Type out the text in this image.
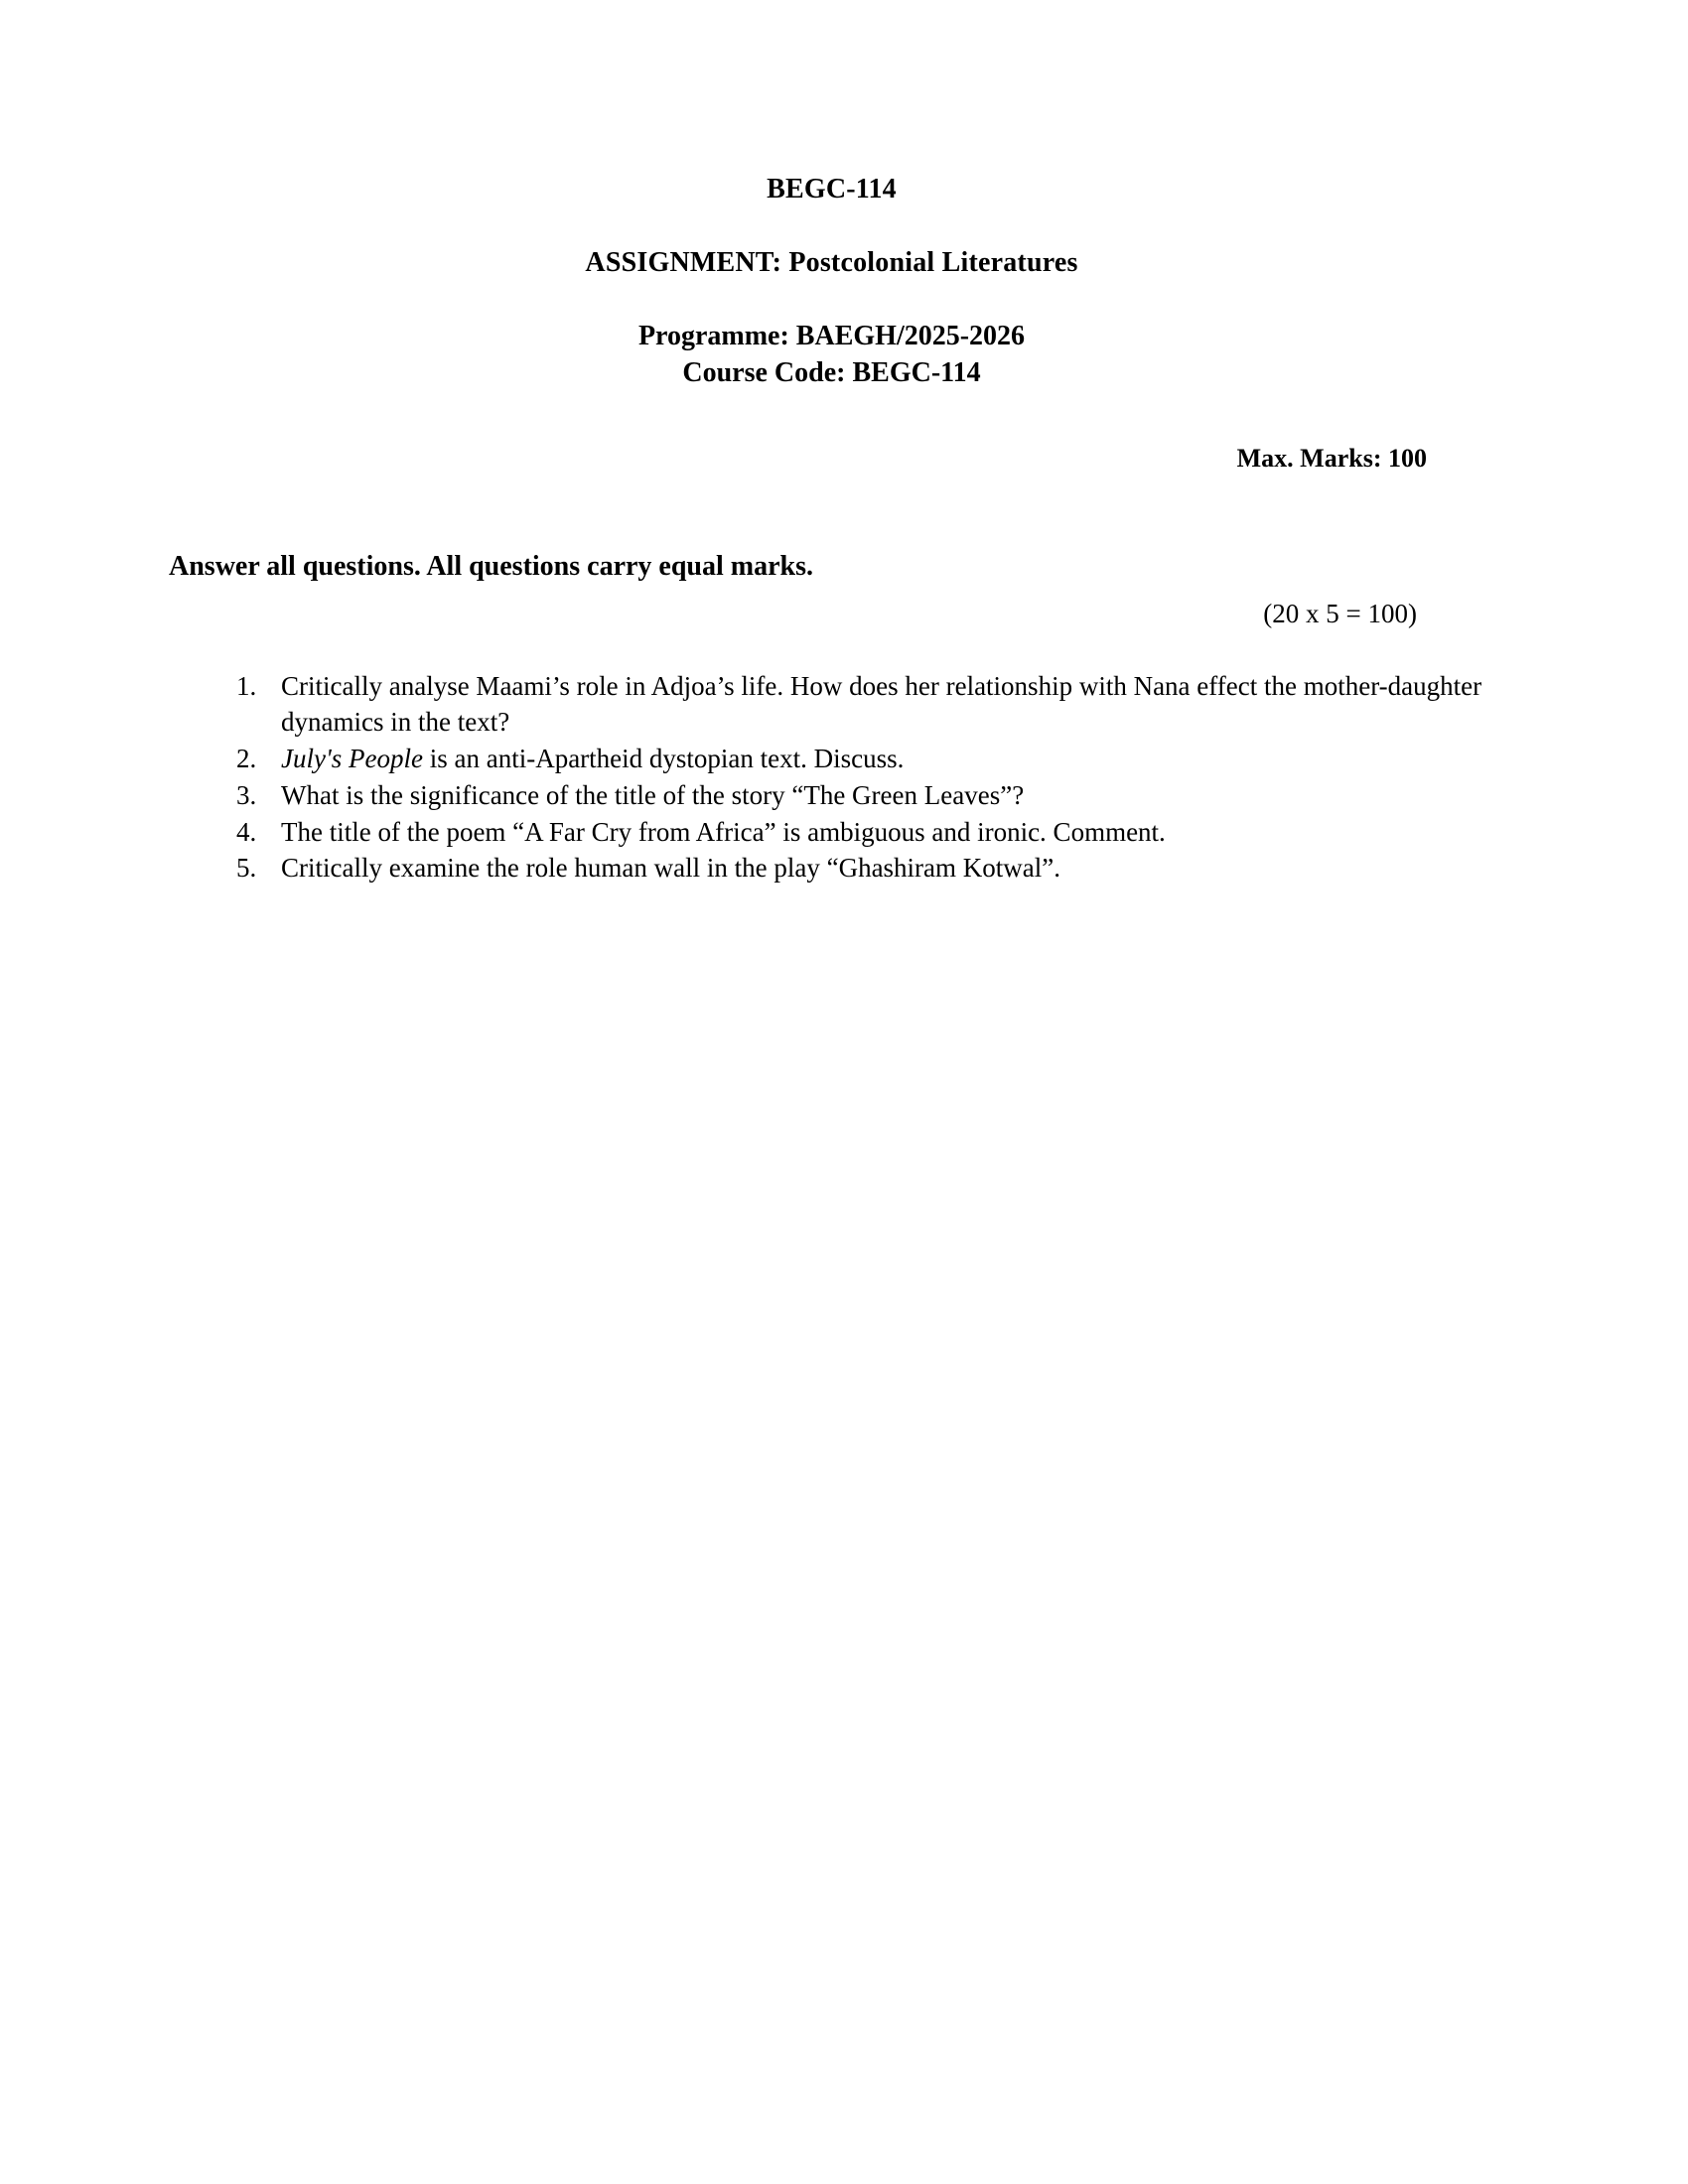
BEGC-114
ASSIGNMENT: Postcolonial Literatures
Programme: BAEGH/2025-2026
Course Code: BEGC-114
Max. Marks: 100
Answer all questions. All questions carry equal marks.
(20 x 5 = 100)
1. Critically analyse Maami’s role in Adjoa’s life. How does her relationship with Nana effect the mother-daughter dynamics in the text?
2. July's People is an anti-Apartheid dystopian text. Discuss.
3. What is the significance of the title of the story “The Green Leaves”?
4. The title of the poem “A Far Cry from Africa” is ambiguous and ironic. Comment.
5. Critically examine the role human wall in the play “Ghashiram Kotwal”.
